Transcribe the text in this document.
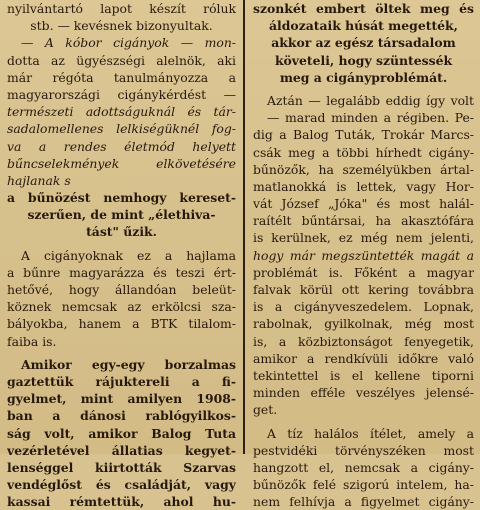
nyilvántartó lapot készít róluk
stb. — kevésnek bizonyultak.
— A kóbor cigányok — mon-
dotta az ügyészségi alelnök, aki
már régóta tanulmányozza a
magyarországi cigánykérdést —
természeti adottságuknál és tár-
sadalomellenes lelkiségüknél fog-
va a rendes életmód helyett
bűncselekmények elkövetésére
hajlanak s
a bűnözést nemhogy kereset-
szerűen, de mint „élethiva-
tást" űzik.
A cigányoknak ez a hajlama
a bűnre magyarázza és teszi ért-
hetővé, hogy állandóan beleüt-
köznek nemcsak az erkölcsi sza-
bályokba, hanem a BTK tilalom-
faiba is.
Amikor egy-egy borzalmas
gaztettük rájuktereli a fi-
gyelmet, mint amilyen 1908-
ban a dánosi rablógyilkos-
ság volt, amikor Balog Tuta
vezérletével állatias kegyet-
lenséggel kiirtották Szarvas
vendéglőst és családját, vagy
kassai rémtettük, ahol hu-
szonkét embert öltek meg és
áldozataik húsát megették,
akkor az egész társadalom
követeli, hogy szüntessék
meg a cigányproblémát.
Aztán — legalább eddig így volt
— marad minden a régiben. Pe-
dig a Balog Tuták, Trokár Marcs-
csák meg a többi hírhedt cigány-
bűnözők, ha személyükben ártal-
matlanokká is lettek, vagy Hor-
vát József „Jóka" és most halál-
raítélt bűntársai, ha akasztófára
is kerülnek, ez még nem jelenti,
hogy már megszüntették magát a
problémát is. Főként a magyar
falvak körül ott kering továbbra
is a cigányveszedelem. Lopnak,
rabolnak, gyilkolnak, még most
is, a közbiztonságot fenyegetik,
amikor a rendkívüli időkre való
tekintettel is el kellene tiporni
minden efféle veszélyes jelensé-
get.
A tíz halálos ítélet, amely a
pestvidéki törvényszéken most
hangzott el, nemcsak a cigány-
bűnözők felé szigorú intelem, ha-
nem felhívja a figyelmet cigány-
